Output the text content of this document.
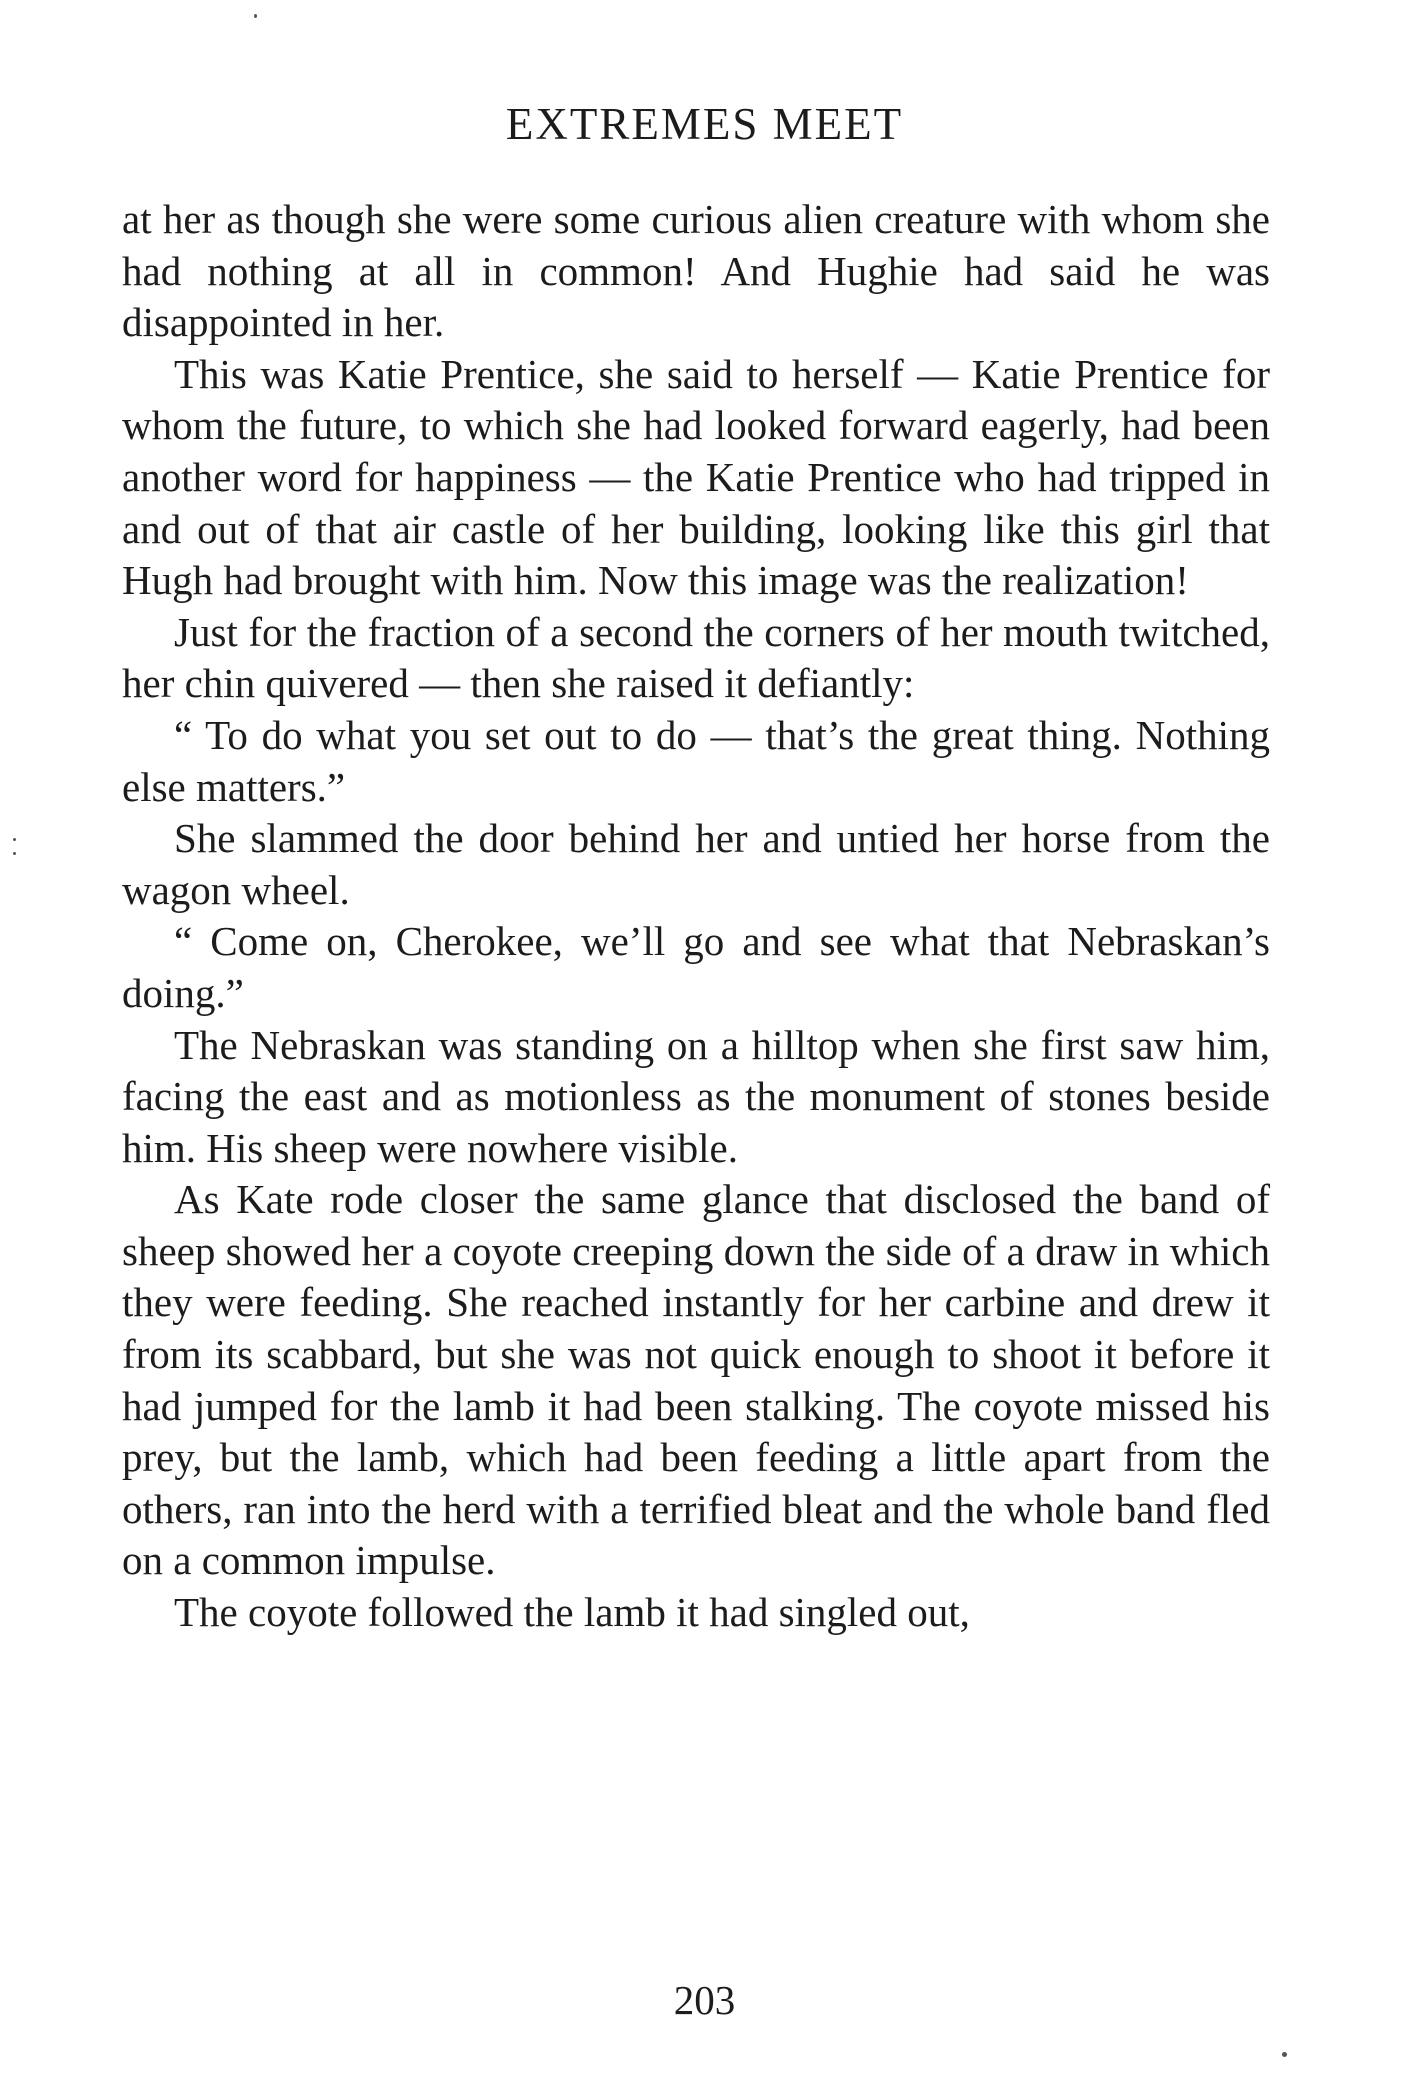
EXTREMES MEET

at her as though she were some curious alien creature with whom she had nothing at all in common! And Hughie had said he was disappointed in her.

This was Katie Prentice, she said to herself — Katie Prentice for whom the future, to which she had looked forward eagerly, had been another word for happiness — the Katie Prentice who had tripped in and out of that air castle of her building, looking like this girl that Hugh had brought with him. Now this image was the realization!

Just for the fraction of a second the corners of her mouth twitched, her chin quivered — then she raised it defiantly:

“ To do what you set out to do — that’s the great thing. Nothing else matters.”

She slammed the door behind her and untied her horse from the wagon wheel.

“ Come on, Cherokee, we’ll go and see what that Nebraskan’s doing.”

The Nebraskan was standing on a hilltop when she first saw him, facing the east and as motionless as the monument of stones beside him. His sheep were nowhere visible.

As Kate rode closer the same glance that disclosed the band of sheep showed her a coyote creeping down the side of a draw in which they were feeding. She reached instantly for her carbine and drew it from its scabbard, but she was not quick enough to shoot it before it had jumped for the lamb it had been stalking. The coyote missed his prey, but the lamb, which had been feeding a little apart from the others, ran into the herd with a terrified bleat and the whole band fled on a common impulse.

The coyote followed the lamb it had singled out,

203
